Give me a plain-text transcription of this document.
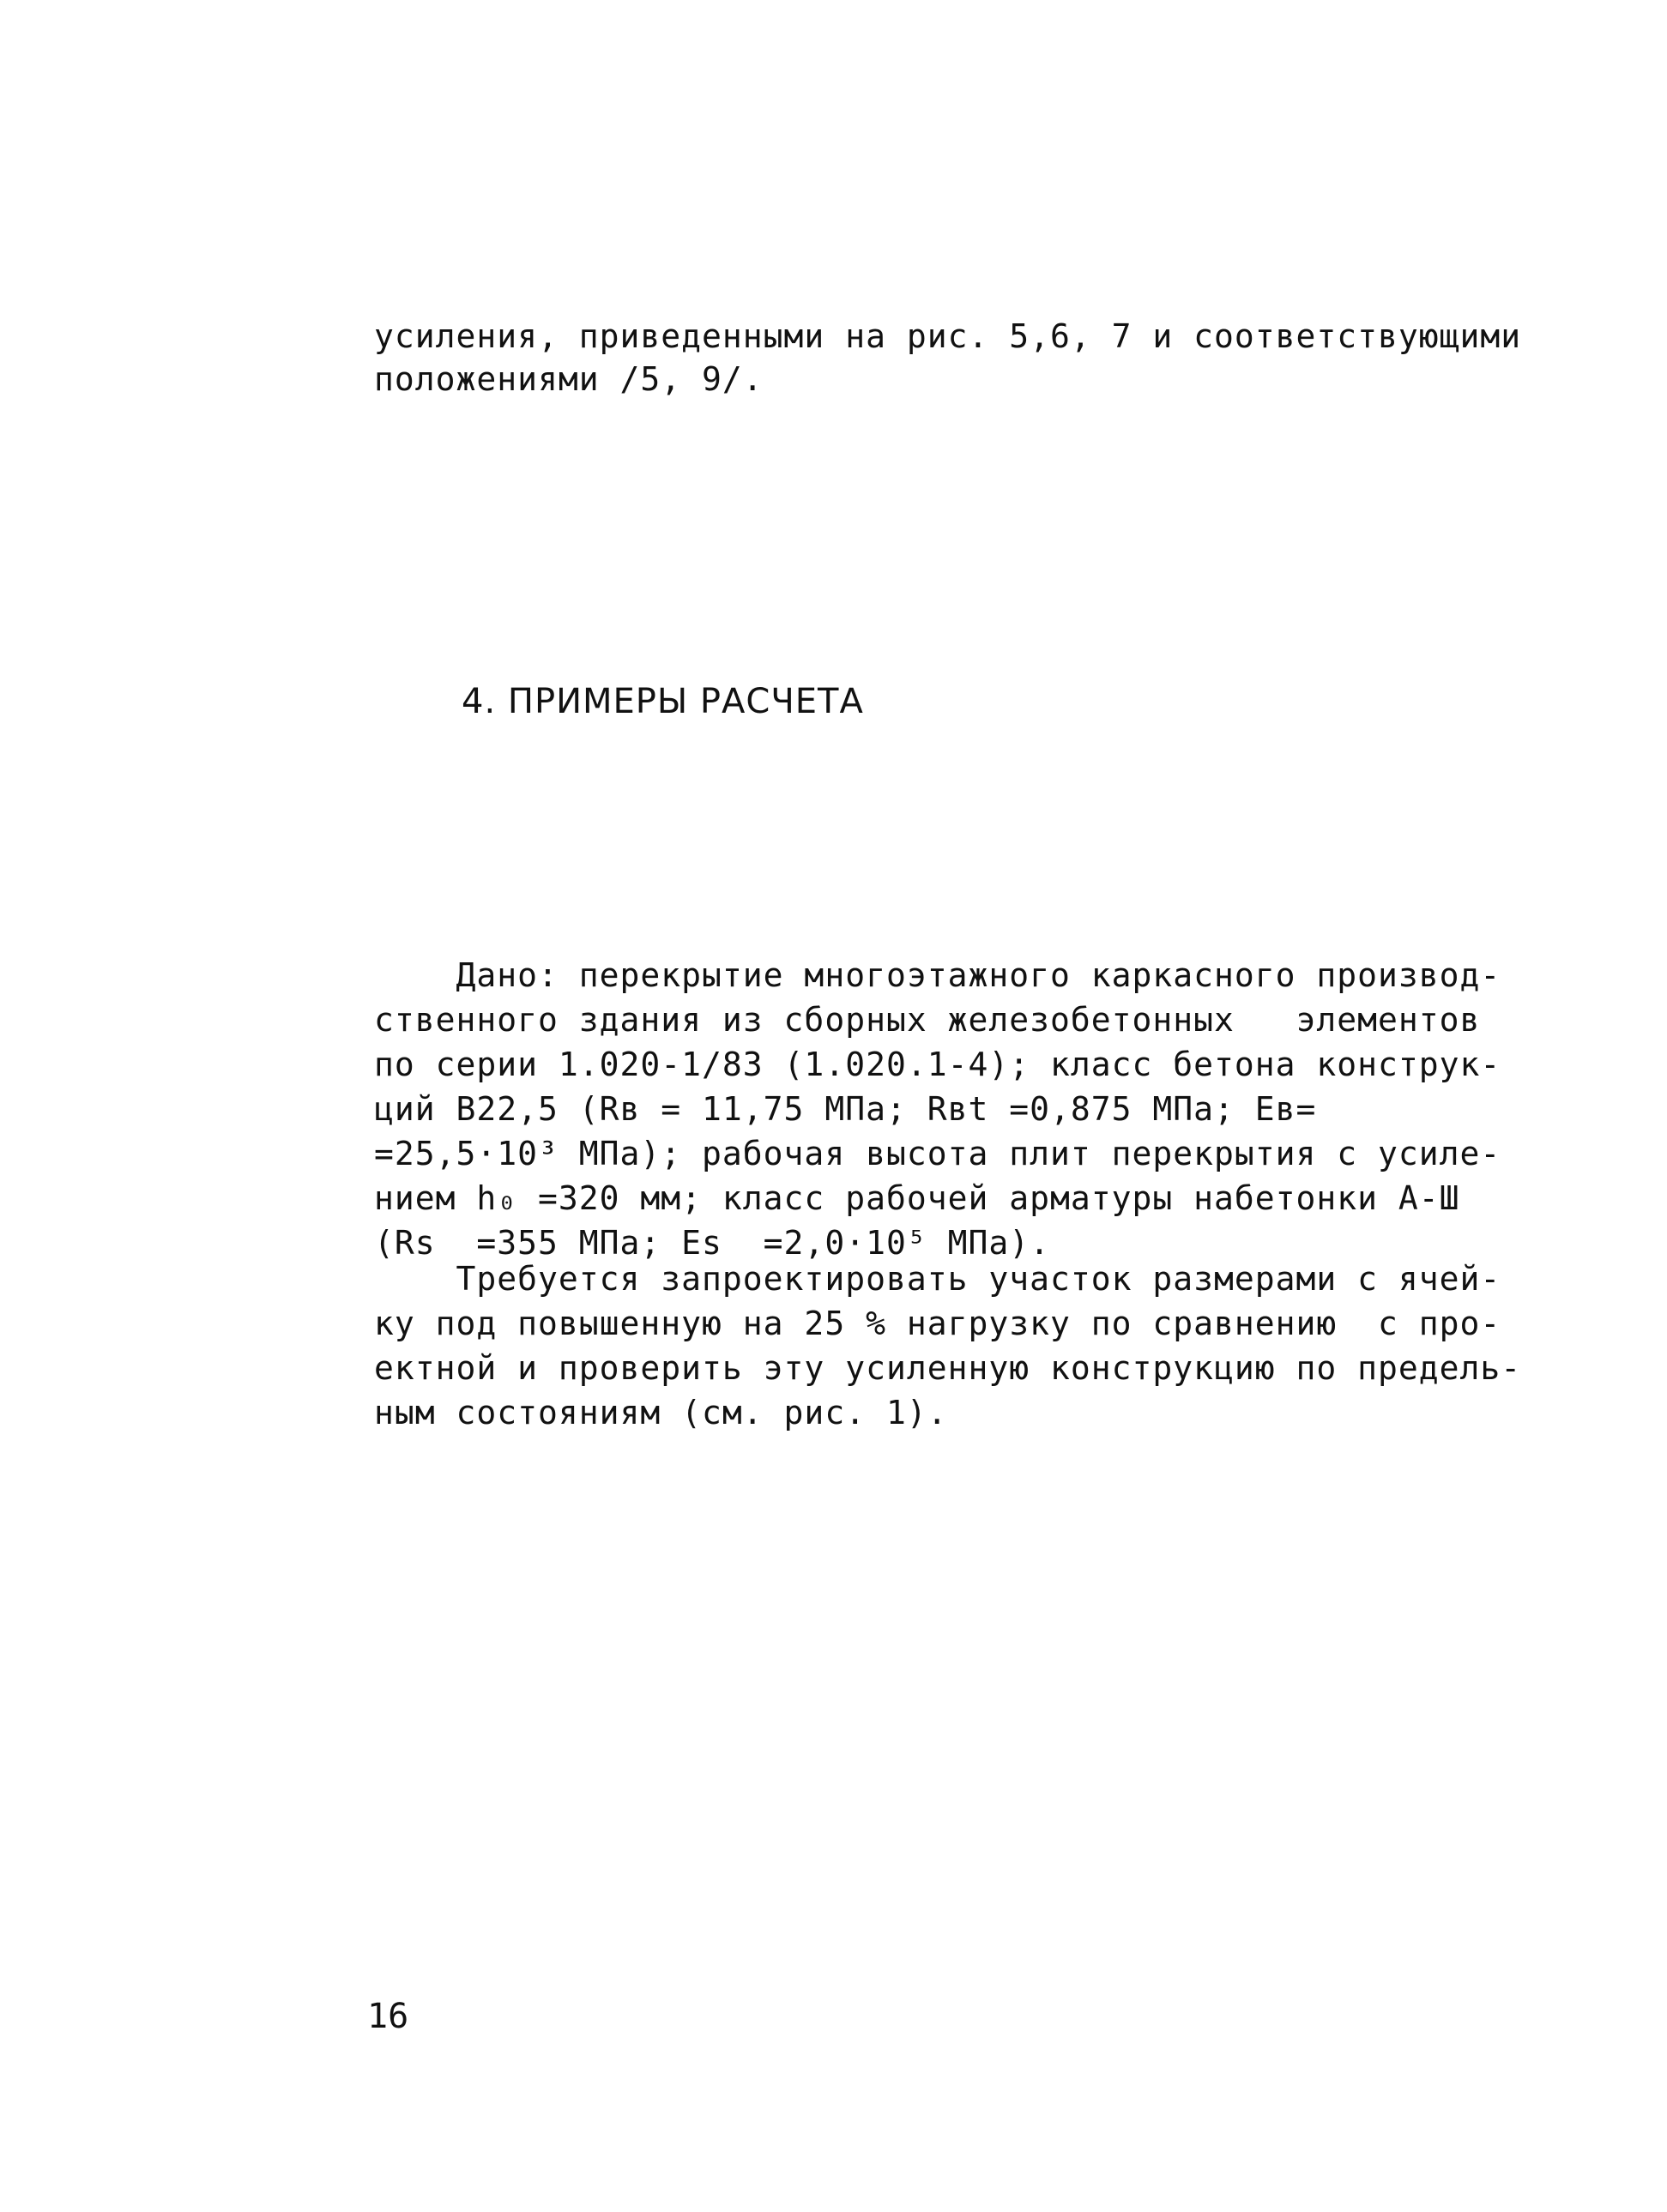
усиления, приведенными на рис. 5,6, 7 и соответствующими
положениями /5, 9/.
4. ПРИМЕРЫ РАСЧЕТА
Дано: перекрытие многоэтажного каркасного производ-
ственного здания из сборных железобетонных   элементов
по серии 1.020-1/83 (1.020.1-4); класс бетона конструк-
ций В22,5 (Rв = 11,75 МПа; Rвt =0,875 МПа; Eв=
=25,5·10³ МПа); рабочая высота плит перекрытия с усиле-
нием h₀ =320 мм; класс рабочей арматуры набетонки А-Ш
(Rs  =355 МПа; Es  =2,0·10⁵ МПа).
Требуется запроектировать участок размерами с ячей-
ку под повышенную на 25 % нагрузку по сравнению  с про-
ектной и проверить эту усиленную конструкцию по предель-
ным состояниям (см. рис. 1).
16
